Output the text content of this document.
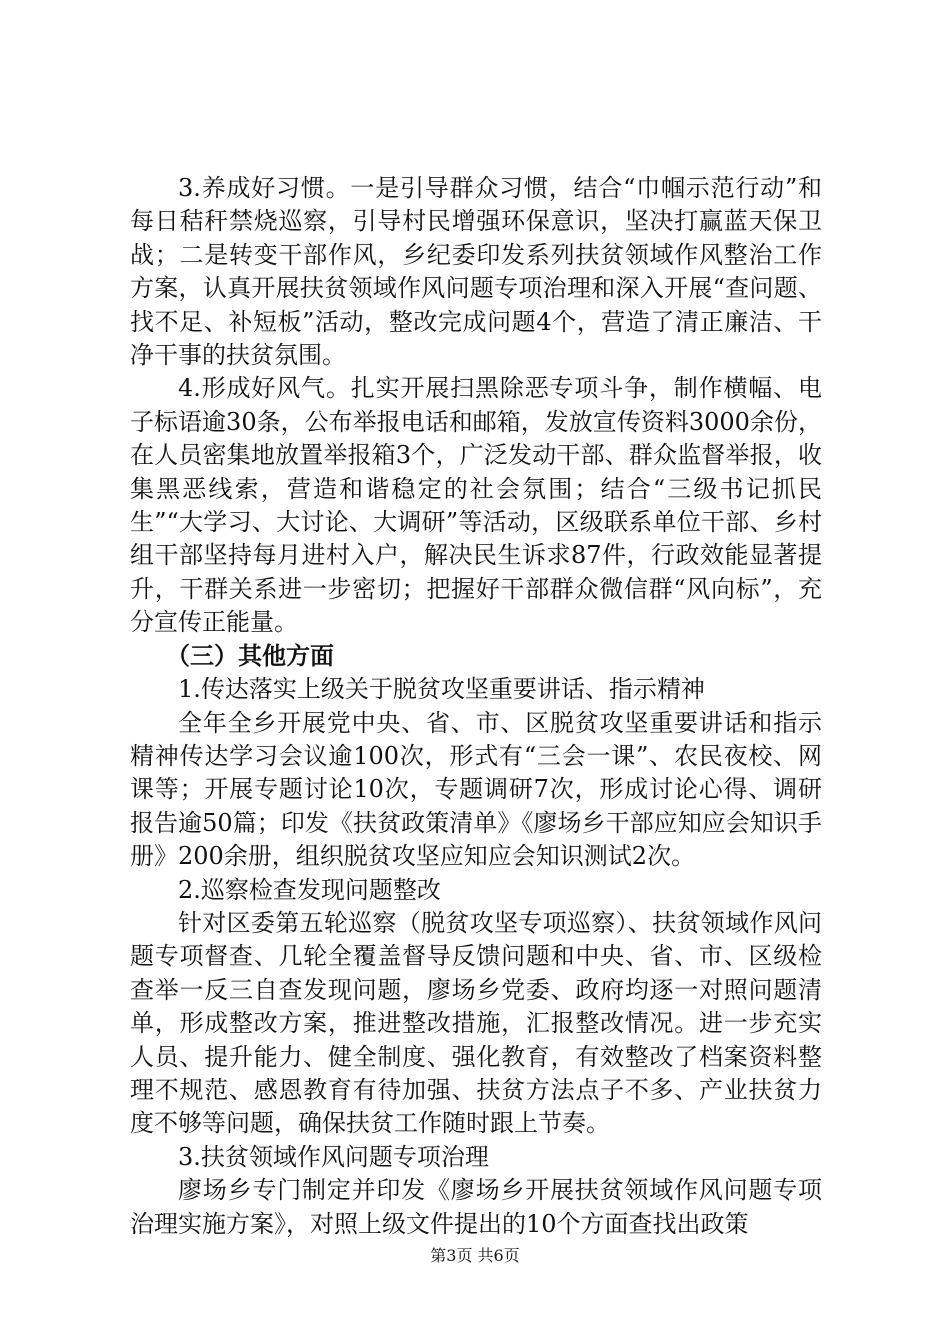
3.养成好习惯。一是引导群众习惯，结合“巾帼示范行动”和每日秸秆禁烧巡察，引导村民增强环保意识，坚决打赢蓝天保卫战；二是转变干部作风，乡纪委印发系列扶贫领域作风整治工作方案，认真开展扶贫领域作风问题专项治理和深入开展“查问题、找不足、补短板”活动，整改完成问题4个，营造了清正廉洁、干净干事的扶贫氛围。

4.形成好风气。扎实开展扫黑除恶专项斗争，制作横幅、电子标语逾30条，公布举报电话和邮箱，发放宣传资料3000余份，在人员密集地放置举报箱3个，广泛发动干部、群众监督举报，收集黑恶线索，营造和谐稳定的社会氛围；结合“三级书记抓民生”“大学习、大讨论、大调研”等活动，区级联系单位干部、乡村组干部坚持每月进村入户，解决民生诉求87件，行政效能显著提升，干群关系进一步密切；把握好干部群众微信群“风向标”，充分宣传正能量。

（三）其他方面

1.传达落实上级关于脱贫攻坚重要讲话、指示精神

全年全乡开展党中央、省、市、区脱贫攻坚重要讲话和指示精神传达学习会议逾100次，形式有“三会一课”、农民夜校、网课等；开展专题讨论10次，专题调研7次，形成讨论心得、调研报告逾50篇；印发《扶贫政策清单》《廖场乡干部应知应会知识手册》200余册，组织脱贫攻坚应知应会知识测试2次。

2.巡察检查发现问题整改

针对区委第五轮巡察（脱贫攻坚专项巡察）、扶贫领域作风问题专项督查、几轮全覆盖督导反馈问题和中央、省、市、区级检查举一反三自查发现问题，廖场乡党委、政府均逐一对照问题清单，形成整改方案，推进整改措施，汇报整改情况。进一步充实人员、提升能力、健全制度、强化教育，有效整改了档案资料整理不规范、感恩教育有待加强、扶贫方法点子不多、产业扶贫力度不够等问题，确保扶贫工作随时跟上节奏。

3.扶贫领域作风问题专项治理

廖场乡专门制定并印发《廖场乡开展扶贫领域作风问题专项治理实施方案》，对照上级文件提出的10个方面查找出政策

第3页 共6页
